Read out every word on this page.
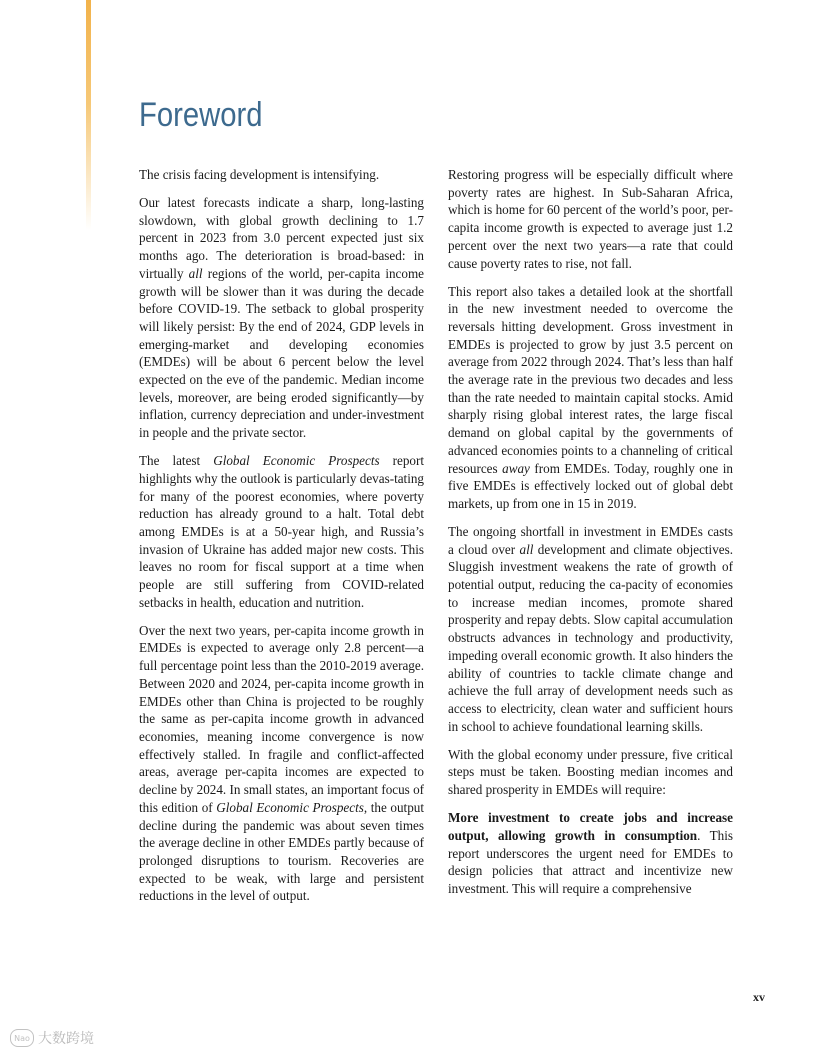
Foreword

The crisis facing development is intensifying.

Our latest forecasts indicate a sharp, long-lasting slowdown, with global growth declining to 1.7 percent in 2023 from 3.0 percent expected just six months ago. The deterioration is broad-based: in virtually all regions of the world, per-capita income growth will be slower than it was during the decade before COVID-19. The setback to global prosperity will likely persist: By the end of 2024, GDP levels in emerging-market and developing economies (EMDEs) will be about 6 percent below the level expected on the eve of the pandemic. Median income levels, moreover, are being eroded significantly—by inflation, currency depreciation and under-investment in people and the private sector.

The latest Global Economic Prospects report highlights why the outlook is particularly devas-tating for many of the poorest economies, where poverty reduction has already ground to a halt. Total debt among EMDEs is at a 50-year high, and Russia’s invasion of Ukraine has added major new costs. This leaves no room for fiscal support at a time when people are still suffering from COVID-related setbacks in health, education and nutrition.

Over the next two years, per-capita income growth in EMDEs is expected to average only 2.8 percent—a full percentage point less than the 2010-2019 average. Between 2020 and 2024, per-capita income growth in EMDEs other than China is projected to be roughly the same as per-capita income growth in advanced economies, meaning income convergence is now effectively stalled. In fragile and conflict-affected areas, average per-capita incomes are expected to decline by 2024. In small states, an important focus of this edition of Global Economic Prospects, the output decline during the pandemic was about seven times the average decline in other EMDEs partly because of prolonged disruptions to tourism. Recoveries are expected to be weak, with large and persistent reductions in the level of output.

Restoring progress will be especially difficult where poverty rates are highest. In Sub-Saharan Africa, which is home for 60 percent of the world’s poor, per-capita income growth is expected to average just 1.2 percent over the next two years—a rate that could cause poverty rates to rise, not fall.

This report also takes a detailed look at the shortfall in the new investment needed to overcome the reversals hitting development. Gross investment in EMDEs is projected to grow by just 3.5 percent on average from 2022 through 2024. That’s less than half the average rate in the previous two decades and less than the rate needed to maintain capital stocks. Amid sharply rising global interest rates, the large fiscal demand on global capital by the governments of advanced economies points to a channeling of critical resources away from EMDEs. Today, roughly one in five EMDEs is effectively locked out of global debt markets, up from one in 15 in 2019.

The ongoing shortfall in investment in EMDEs casts a cloud over all development and climate objectives. Sluggish investment weakens the rate of growth of potential output, reducing the ca-pacity of economies to increase median incomes, promote shared prosperity and repay debts. Slow capital accumulation obstructs advances in technology and productivity, impeding overall economic growth. It also hinders the ability of countries to tackle climate change and achieve the full array of development needs such as access to electricity, clean water and sufficient hours in school to achieve foundational learning skills.

With the global economy under pressure, five critical steps must be taken. Boosting median incomes and shared prosperity in EMDEs will require:

More investment to create jobs and increase output, allowing growth in consumption. This report underscores the urgent need for EMDEs to design policies that attract and incentivize new investment. This will require a comprehensive

xv
Nao 大数跨境
